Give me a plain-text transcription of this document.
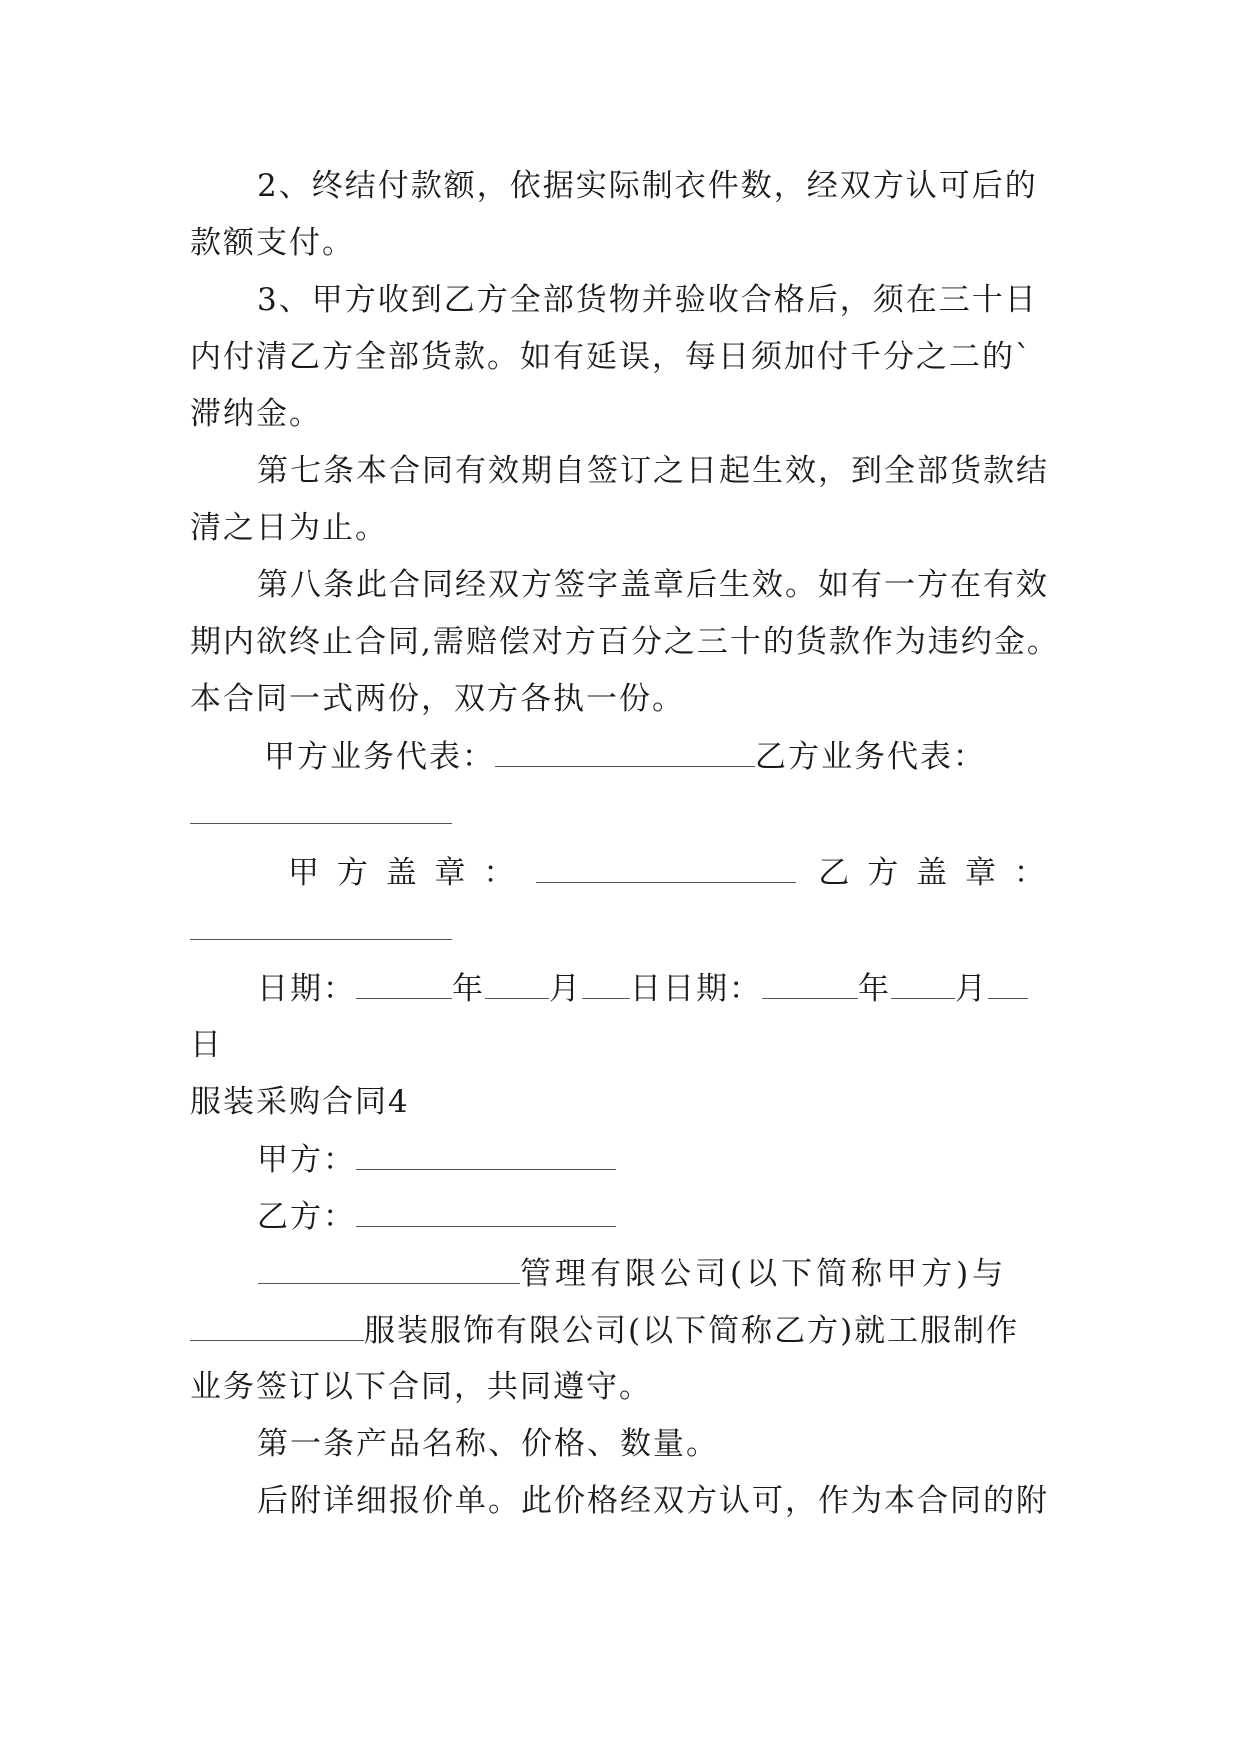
2、终结付款额，依据实际制衣件数，经双方认可后的
款额支付。
3、甲方收到乙方全部货物并验收合格后，须在三十日
内付清乙方全部货款。如有延误，每日须加付千分之二的`
滞纳金。
第七条本合同有效期自签订之日起生效，到全部货款结
清之日为止。
第八条此合同经双方签字盖章后生效。如有一方在有效
期内欲终止合同,需赔偿对方百分之三十的货款作为违约金。
本合同一式两份，双方各执一份。
甲方业务代表：	乙方业务代表：
甲 方 盖 章 ：	乙 方 盖 章 ：
日期：	年 月 日日期：	年 月
日
服装采购合同4
甲方：
乙方：
管理有限公司(以下简称甲方)与
服装服饰有限公司(以下简称乙方)就工服制作
业务签订以下合同，共同遵守。
第一条产品名称、价格、数量。
后附详细报价单。此价格经双方认可，作为本合同的附
